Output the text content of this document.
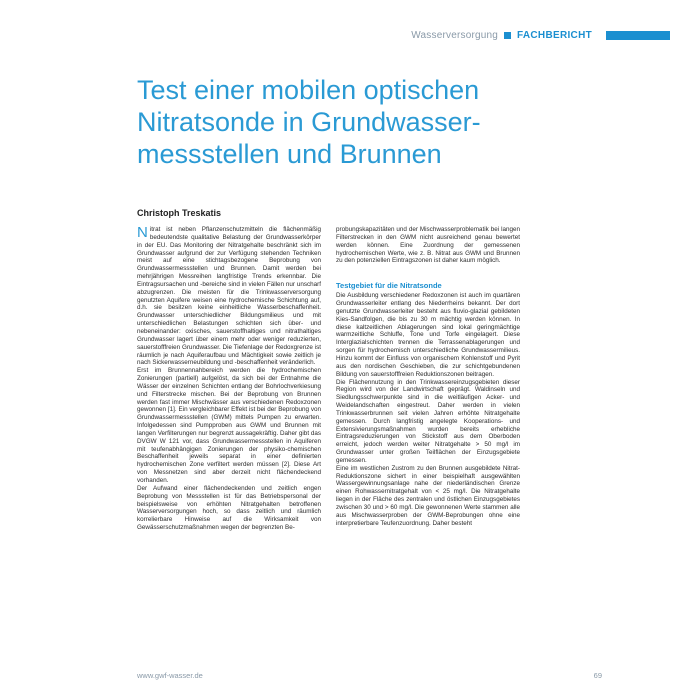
Wasserversorgung FACHBERICHT
Test einer mobilen optischen
Nitratsonde in Grundwasser-
messstellen und Brunnen

Christoph Treskatis

Nitrat ist neben Pflanzenschutzmitteln die flächenmäßig bedeutendste qualitative Belastung der Grundwasserkörper in der EU. Das Monitoring der Nitratgehalte beschränkt sich im Grundwasser aufgrund der zur Verfügung stehenden Techniken meist auf eine stichtagsbezogene Beprobung von Grundwassermessstellen und Brunnen. Damit werden bei mehrjährigen Messreihen langfristige Trends erkennbar. Die Eintragsursachen und -bereiche sind in vielen Fällen nur unscharf abzugrenzen. Die meisten für die Trinkwasserversorgung genutzten Aquifere weisen eine hydrochemische Schichtung auf, d.h. sie besitzen keine einheitliche Wasserbeschaffenheit. Grundwasser unterschiedlicher Bildungsmilieus und mit unterschiedlichen Belastungen schichten sich über- und nebeneinander: oxisches, sauerstoffhaltiges und nitrathaltiges Grundwasser lagert über einem mehr oder weniger reduzierten, sauerstofffreien Grundwasser. Die Tiefenlage der Redoxgrenze ist räumlich je nach Aquiferaufbau und Mächtigkeit sowie zeitlich je nach Sickerwasserneubildung und -beschaffenheit veränderlich.

Erst im Brunnennahbereich werden die hydrochemischen Zonierungen (partiell) aufgelöst, da sich bei der Entnahme die Wässer der einzelnen Schichten entlang der Bohrlochverkiesung und Filterstrecke mischen. Bei der Beprobung von Brunnen werden fast immer Mischwässer aus verschiedenen Redoxzonen gewonnen [1]. Ein vergleichbarer Effekt ist bei der Beprobung von Grundwassermessstellen (GWM) mittels Pumpen zu erwarten. Infolgedessen sind Pumpproben aus GWM und Brunnen mit langen Verfilterungen nur begrenzt aussagekräftig. Daher gibt das DVGW W 121 vor, dass Grundwassermessstellen in Aquiferen mit teufenabhängigen Zonierungen der physiko-chemischen Beschaffenheit jeweils separat in einer definierten hydrochemischen Zone verfiltert werden müssen [2]. Diese Art von Messnetzen sind aber derzeit nicht flächendeckend vorhanden.

Der Aufwand einer flächendeckenden und zeitlich engen Beprobung von Messstellen ist für das Betriebspersonal der beispielsweise von erhöhten Nitratgehalten betroffenen Wasserversorgungen hoch, so dass zeitlich und räumlich korrelierbare Hinweise auf die Wirksamkeit von Gewässerschutzmaßnahmen wegen der begrenzten Be-

probungskapazitäten und der Mischwasserproblematik bei langen Filterstrecken in den GWM nicht ausreichend genau bewertet werden können. Eine Zuordnung der gemessenen hydrochemischen Werte, wie z. B. Nitrat aus GWM und Brunnen zu den potenziellen Eintragszonen ist daher kaum möglich.

Testgebiet für die Nitratsonde

Die Ausbildung verschiedener Redoxzonen ist auch im quartären Grundwasserleiter entlang des Niederrheins bekannt. Der dort genutzte Grundwasserleiter besteht aus fluvio-glazial gebildeten Kies-Sandfolgen, die bis zu 30 m mächtig werden können. In diese kaltzeitlichen Ablagerungen sind lokal geringmächtige warmzeitliche Schluffe, Tone und Torfe eingelagert. Diese Interglazialschichten trennen die Terrassenablagerungen und sorgen für hydrochemisch unterschiedliche Grundwassermilieus. Hinzu kommt der Einfluss von organischem Kohlenstoff und Pyrit aus den nordischen Geschieben, die zur schichtgebundenen Bildung von sauerstofffreien Reduktionszonen beitragen.

Die Flächennutzung in den Trinkwassereinzugsgebieten dieser Region wird von der Landwirtschaft geprägt. Waldinseln und Siedlungsschwerpunkte sind in die weitläufigen Acker- und Weidelandschaften eingestreut. Daher werden in vielen Trinkwasserbrunnen seit vielen Jahren erhöhte Nitratgehalte gemessen. Durch langfristig angelegte Kooperations- und Extensivierungsmaßnahmen wurden bereits erhebliche Eintragsreduzierungen von Stickstoff aus dem Oberboden erreicht, jedoch werden weiter Nitratgehalte > 50 mg/l im Grundwasser unter großen Teilflächen der Einzugsgebiete gemessen.

Eine im westlichen Zustrom zu den Brunnen ausgebildete Nitrat-Reduktionszone sichert in einer beispielhaft ausgewählten Wassergewinnungsanlage nahe der niederländischen Grenze einen Rohwassernitratgehalt von < 25 mg/l. Die Nitratgehalte liegen in der Fläche des zentralen und östlichen Einzugsgebietes zwischen 30 und > 60 mg/l. Die gewonnenen Werte stammen alle aus Mischwasserproben der GWM-Beprobungen ohne eine interpretierbare Teufenzuordnung. Daher besteht

www.gwf-wasser.de	69
